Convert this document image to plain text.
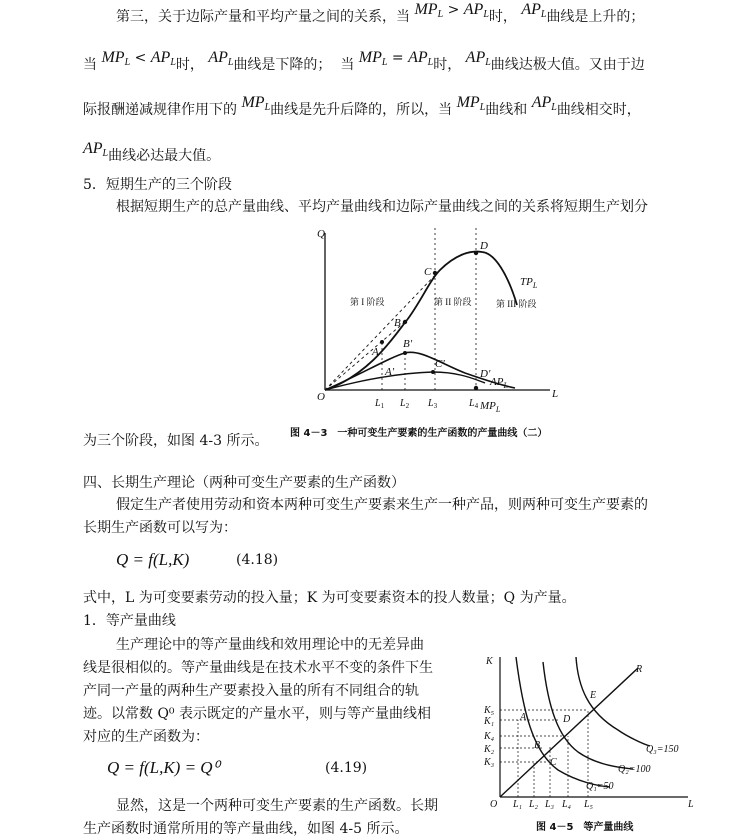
第三，关于边际产量和平均产量之间的关系，当 $MP_L > AP_L$时， $AP_L$曲线是上升的；
当 $MP_L < AP_L$时， $AP_L$曲线是下降的； 当 $MP_L = AP_L$时， $AP_L$曲线达极大值。又由于边
际报酬递减规律作用下的 $MP_L$曲线是先升后降的，所以，当 $MP_L$曲线和 $AP_L$曲线相交时，
$AP_L$曲线必达最大值。
5．短期生产的三个阶段
根据短期生产的总产量曲线、平均产量曲线和边际产量曲线之间的关系将短期生产划分
Q
O	L
A
B
C
D
A'
B'
C'
D'
$TP_L$
$AP_L$
$MP_L$
$L_1$ $L_2$ $L_3$	$L_4$
第 I 阶段	第 II 阶段	第 III 阶段
为三个阶段，如图 4-3 所示。 图 4－3　一种可变生产要素的生产函数的产量曲线（二）
四、长期生产理论（两种可变生产要素的生产函数）
假定生产者使用劳动和资本两种可变生产要素来生产一种产品，则两种可变生产要素的
长期生产函数可以写为：
Q = f(L,K)	(4.18)
式中，L 为可变要素劳动的投入量；K 为可变要素资本的投人数量；Q 为产量。
1．等产量曲线
生产理论中的等产量曲线和效用理论中的无差异曲
线是很相似的。等产量曲线是在技术水平不变的条件下生
产同一产量的两种生产要素投入量的所有不同组合的轨
迹。以常数 Q⁰ 表示既定的产量水平，则与等产量曲线相
对应的生产函数为：
Q = f(L,K) = Q⁰	(4.19)
显然，这是一个两种可变生产要素的生产函数。长期
生产函数时通常所用的等产量曲线，如图 4-5 所示。
K
O	L
R
Q₃=150
Q₂=100
Q₁=50
K₅
K₁
K₄
K₂
K₃
L₁ L₂ L₃ L₄ L₅
A
B
C
D
E
图 4－5　等产量曲线
